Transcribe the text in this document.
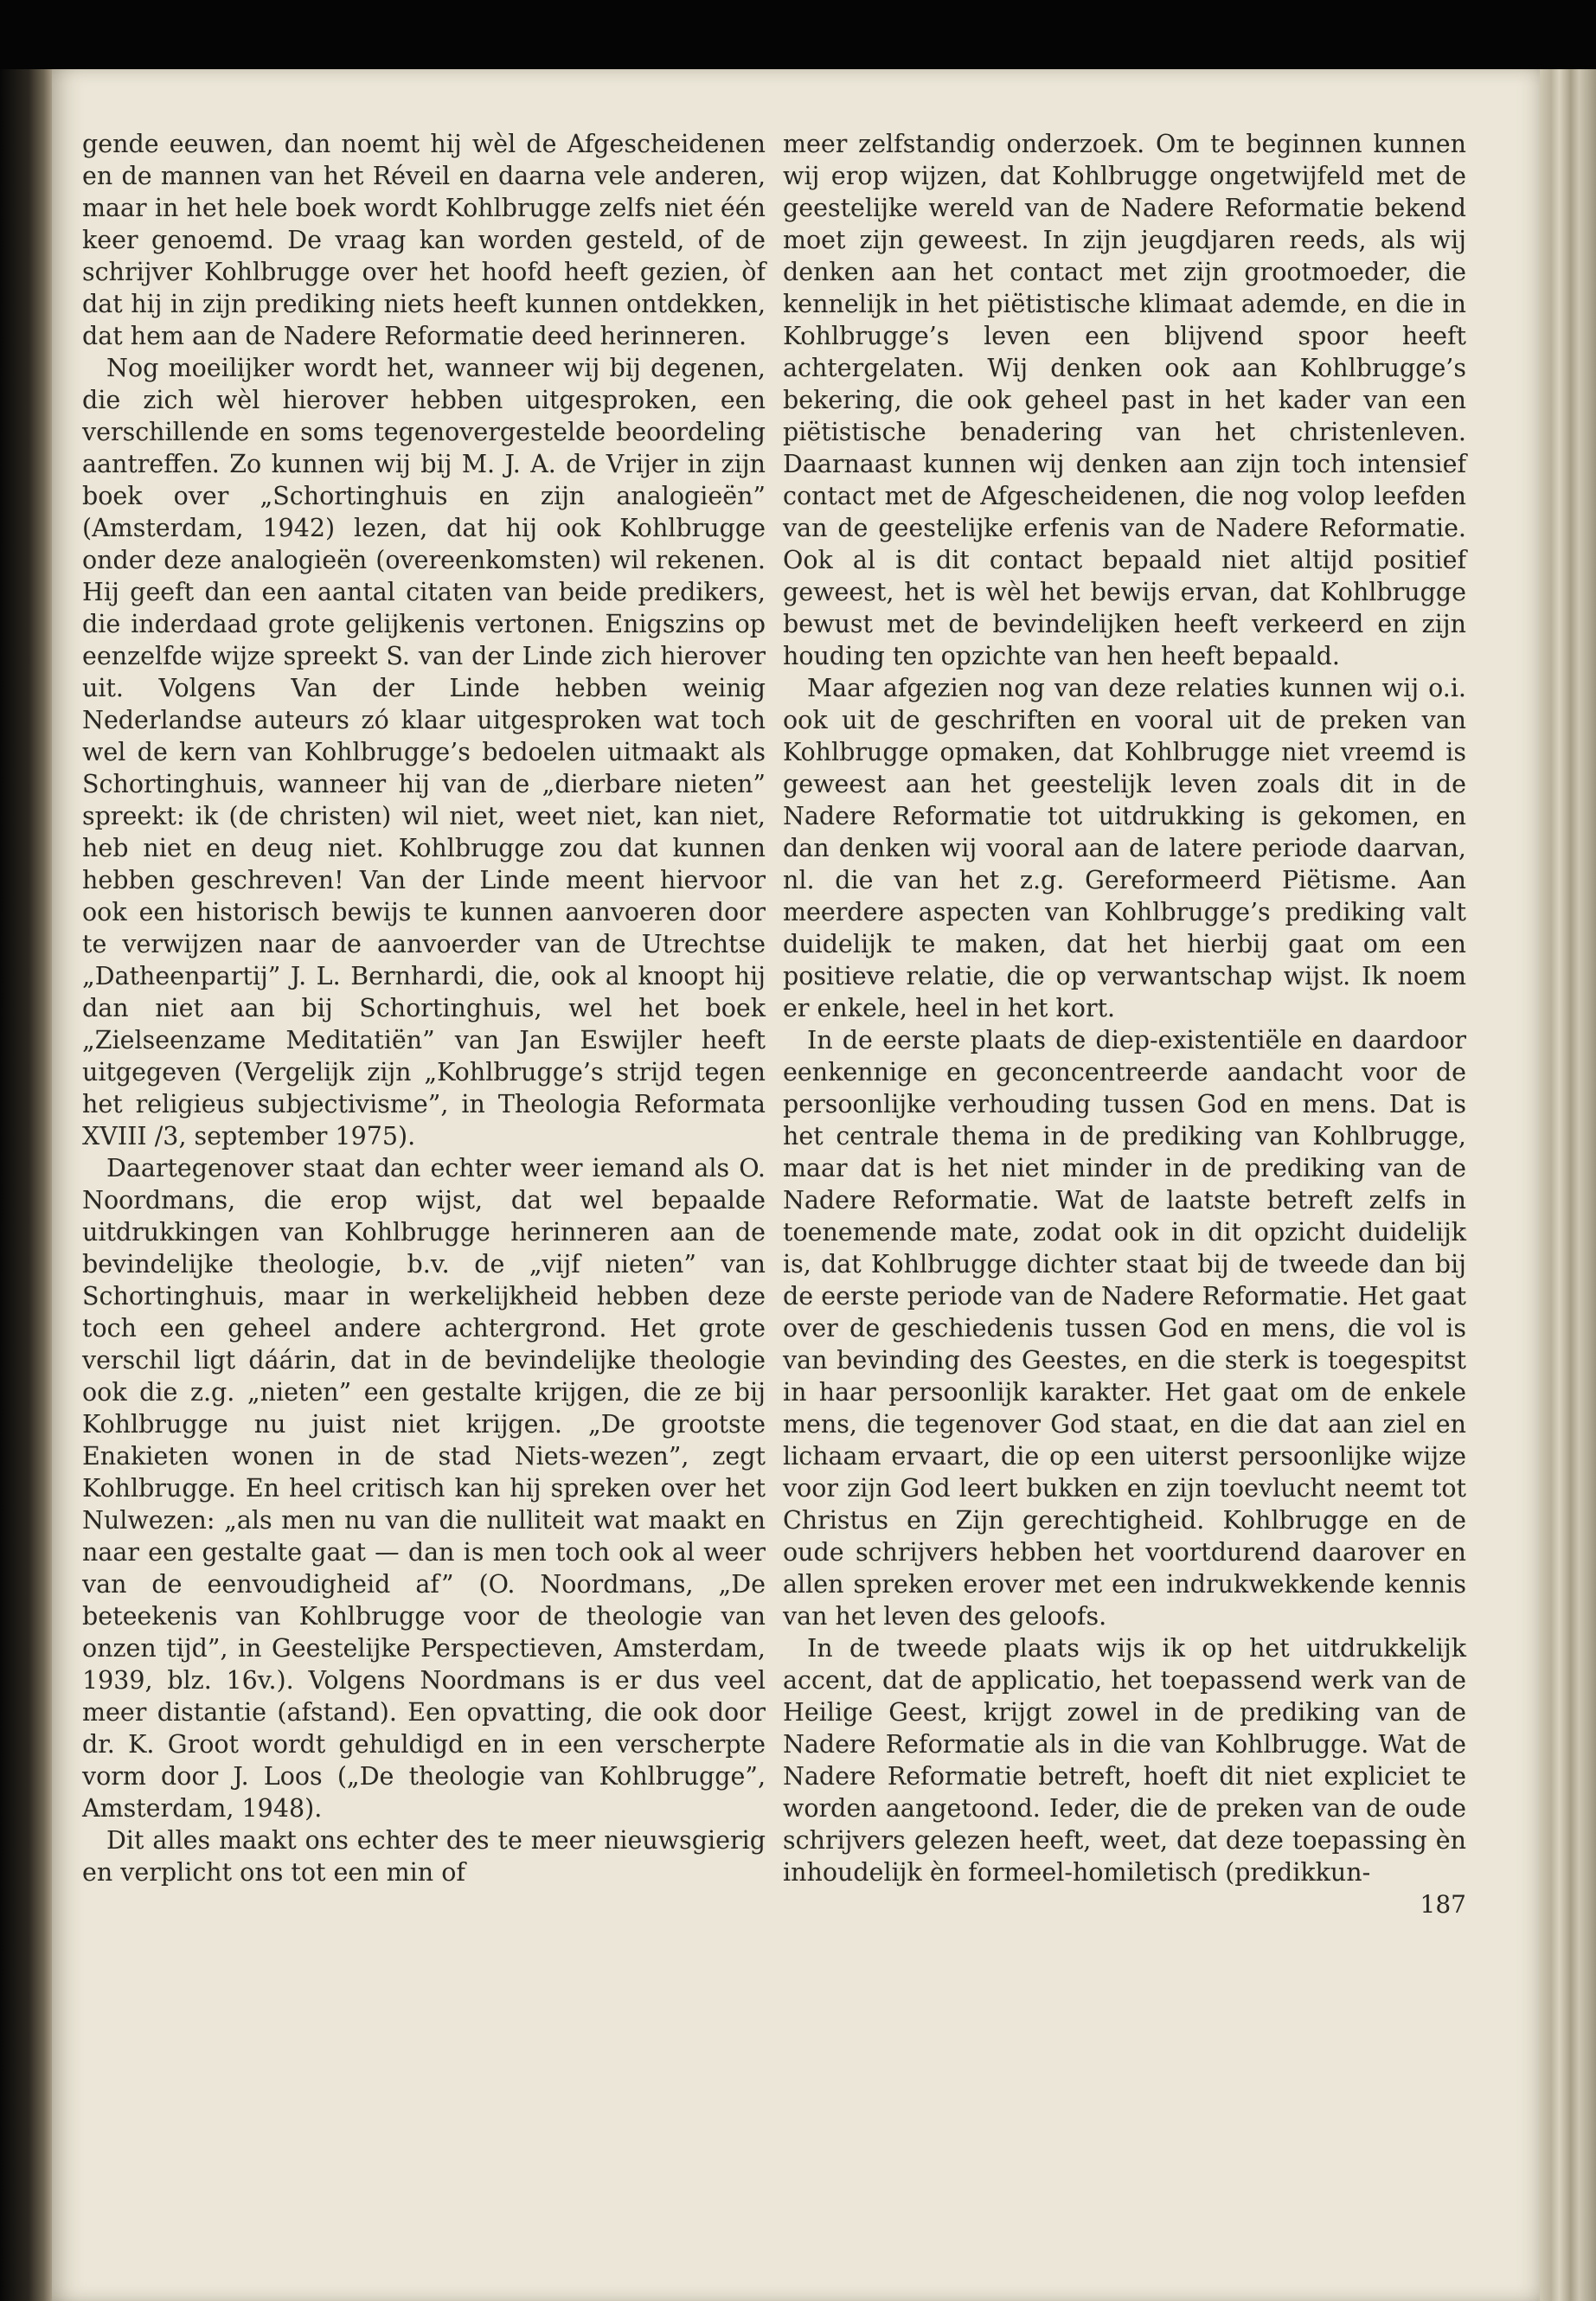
gende eeuwen, dan noemt hij wèl de Afgescheidenen en de mannen van het Réveil en daarna vele anderen, maar in het hele boek wordt Kohlbrugge zelfs niet één keer genoemd. De vraag kan worden gesteld, of de schrijver Kohlbrugge over het hoofd heeft gezien, òf dat hij in zijn prediking niets heeft kunnen ontdekken, dat hem aan de Nadere Reformatie deed herinneren.

Nog moeilijker wordt het, wanneer wij bij degenen, die zich wèl hierover hebben uitgesproken, een verschillende en soms tegenovergestelde beoordeling aantreffen. Zo kunnen wij bij M. J. A. de Vrijer in zijn boek over „Schortinghuis en zijn analogieën” (Amsterdam, 1942) lezen, dat hij ook Kohlbrugge onder deze analogieën (overeenkomsten) wil rekenen. Hij geeft dan een aantal citaten van beide predikers, die inderdaad grote gelijkenis vertonen. Enigszins op eenzelfde wijze spreekt S. van der Linde zich hierover uit. Volgens Van der Linde hebben weinig Nederlandse auteurs zó klaar uitgesproken wat toch wel de kern van Kohlbrugge’s bedoelen uitmaakt als Schortinghuis, wanneer hij van de „dierbare nieten” spreekt: ik (de christen) wil niet, weet niet, kan niet, heb niet en deug niet. Kohlbrugge zou dat kunnen hebben geschreven! Van der Linde meent hiervoor ook een historisch bewijs te kunnen aanvoeren door te verwijzen naar de aanvoerder van de Utrechtse „Datheenpartij” J. L. Bernhardi, die, ook al knoopt hij dan niet aan bij Schortinghuis, wel het boek „Zielseenzame Meditatiën” van Jan Eswijler heeft uitgegeven (Vergelijk zijn „Kohlbrugge’s strijd tegen het religieus subjectivisme”, in Theologia Reformata XVIII /3, september 1975).

Daartegenover staat dan echter weer iemand als O. Noordmans, die erop wijst, dat wel bepaalde uitdrukkingen van Kohlbrugge herinneren aan de bevindelijke theologie, b.v. de „vijf nieten” van Schortinghuis, maar in werkelijkheid hebben deze toch een geheel andere achtergrond. Het grote verschil ligt dáárin, dat in de bevindelijke theologie ook die z.g. „nieten” een gestalte krijgen, die ze bij Kohlbrugge nu juist niet krijgen. „De grootste Enakieten wonen in de stad Niets-wezen”, zegt Kohlbrugge. En heel critisch kan hij spreken over het Nulwezen: „als men nu van die nulliteit wat maakt en naar een gestalte gaat — dan is men toch ook al weer van de eenvoudigheid af” (O. Noordmans, „De beteekenis van Kohlbrugge voor de theologie van onzen tijd”, in Geestelijke Perspectieven, Amsterdam, 1939, blz. 16v.). Volgens Noordmans is er dus veel meer distantie (afstand). Een opvatting, die ook door dr. K. Groot wordt gehuldigd en in een verscherpte vorm door J. Loos („De theologie van Kohlbrugge”, Amsterdam, 1948).

Dit alles maakt ons echter des te meer nieuwsgierig en verplicht ons tot een min of

meer zelfstandig onderzoek. Om te beginnen kunnen wij erop wijzen, dat Kohlbrugge ongetwijfeld met de geestelijke wereld van de Nadere Reformatie bekend moet zijn geweest. In zijn jeugdjaren reeds, als wij denken aan het contact met zijn grootmoeder, die kennelijk in het piëtistische klimaat ademde, en die in Kohlbrugge’s leven een blijvend spoor heeft achtergelaten. Wij denken ook aan Kohlbrugge’s bekering, die ook geheel past in het kader van een piëtistische benadering van het christenleven. Daarnaast kunnen wij denken aan zijn toch intensief contact met de Afgescheidenen, die nog volop leefden van de geestelijke erfenis van de Nadere Reformatie. Ook al is dit contact bepaald niet altijd positief geweest, het is wèl het bewijs ervan, dat Kohlbrugge bewust met de bevindelijken heeft verkeerd en zijn houding ten opzichte van hen heeft bepaald.

Maar afgezien nog van deze relaties kunnen wij o.i. ook uit de geschriften en vooral uit de preken van Kohlbrugge opmaken, dat Kohlbrugge niet vreemd is geweest aan het geestelijk leven zoals dit in de Nadere Reformatie tot uitdrukking is gekomen, en dan denken wij vooral aan de latere periode daarvan, nl. die van het z.g. Gereformeerd Piëtisme. Aan meerdere aspecten van Kohlbrugge’s prediking valt duidelijk te maken, dat het hierbij gaat om een positieve relatie, die op verwantschap wijst. Ik noem er enkele, heel in het kort.

In de eerste plaats de diep-existentiële en daardoor eenkennige en geconcentreerde aandacht voor de persoonlijke verhouding tussen God en mens. Dat is het centrale thema in de prediking van Kohlbrugge, maar dat is het niet minder in de prediking van de Nadere Reformatie. Wat de laatste betreft zelfs in toenemende mate, zodat ook in dit opzicht duidelijk is, dat Kohlbrugge dichter staat bij de tweede dan bij de eerste periode van de Nadere Reformatie. Het gaat over de geschiedenis tussen God en mens, die vol is van bevinding des Geestes, en die sterk is toegespitst in haar persoonlijk karakter. Het gaat om de enkele mens, die tegenover God staat, en die dat aan ziel en lichaam ervaart, die op een uiterst persoonlijke wijze voor zijn God leert bukken en zijn toevlucht neemt tot Christus en Zijn gerechtigheid. Kohlbrugge en de oude schrijvers hebben het voortdurend daarover en allen spreken erover met een indrukwekkende kennis van het leven des geloofs.

In de tweede plaats wijs ik op het uitdrukkelijk accent, dat de applicatio, het toepassend werk van de Heilige Geest, krijgt zowel in de prediking van de Nadere Reformatie als in die van Kohlbrugge. Wat de Nadere Reformatie betreft, hoeft dit niet expliciet te worden aangetoond. Ieder, die de preken van de oude schrijvers gelezen heeft, weet, dat deze toepassing èn inhoudelijk èn formeel-homiletisch (predikkun-

187
